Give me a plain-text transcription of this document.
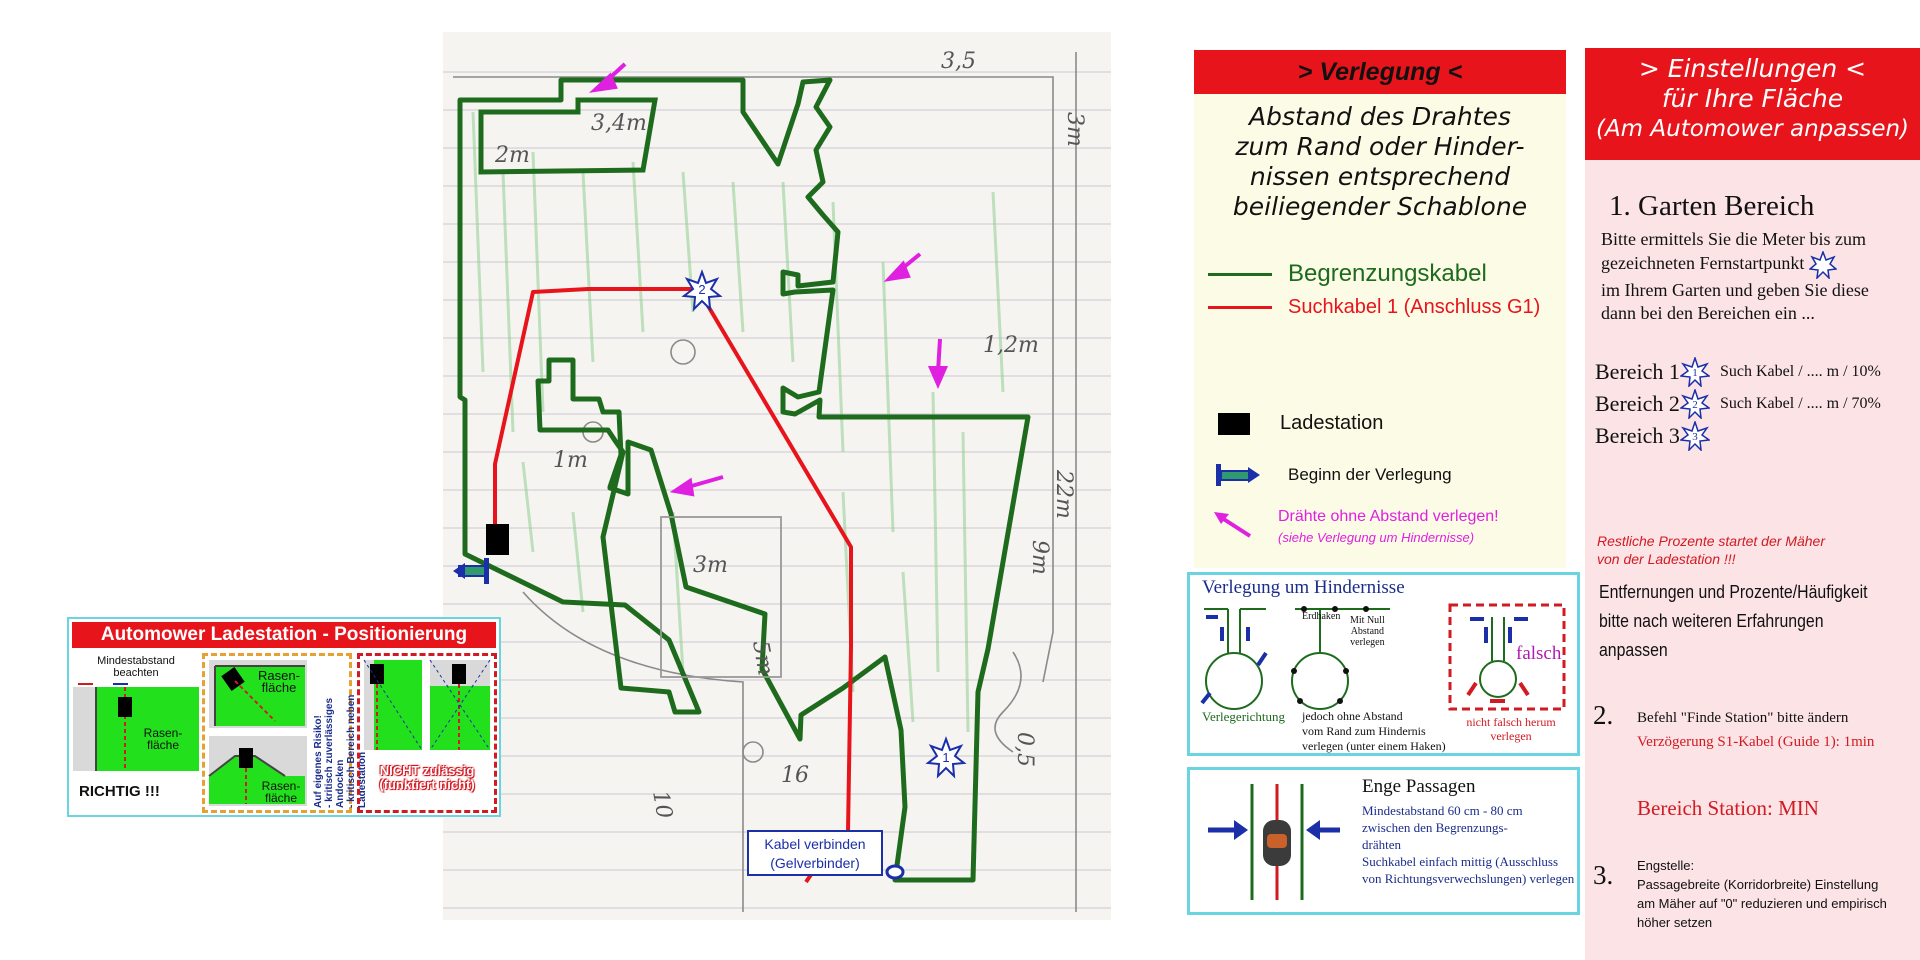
2
1
3,4m
2m
3,5
3m
1,2m
22m
9m
3m
5m
1m
16
10
0,5
Kabel verbinden
(Gelverbinder)
Automower Ladestation - Positionierung
Mindestabstand
beachten
Rasen-
fläche
RICHTIG !!!
Rasen-
fläche
Rasen-
fläche	Auf eigenes Risiko! - kritisch zuverlässiges Andocken - kritisch Bereich neben Ladestation NICHT zulässig
(funktiert nicht)
> Verlegung <
Abstand des Drahtes
zum Rand oder Hinder-
nissen entsprechend
beiliegender Schablone
Begrenzungskabel
Suchkabel 1 (Anschluss G1)
Ladestation
Beginn der Verlegung
Drähte ohne Abstand verlegen!
(siehe Verlegung um Hindernisse)
Verlegung um Hindernisse
Erdhaken Mit Null
Abstand
verlegen
falsch
Verlegerichtung jedoch ohne Abstand
vom Rand zum Hindernis
verlegen (unter einem Haken)
nicht falsch herum
verlegen
Enge Passagen
Mindestabstand 60 cm - 80 cm
zwischen den Begrenzungs-
drähten
Suchkabel einfach mittig (Ausschluss
von Richtungsverwechslungen) verlegen
> Einstellungen <
für Ihre Fläche
(Am Automower anpassen)
1. Garten Bereich
Bitte ermittels Sie die Meter bis zum
gezeichneten Fernstartpunkt
im Ihrem Garten und geben Sie diese
dann bei den Bereichen ein ...
Bereich 1 1 Such Kabel / .... m / 10%
Bereich 2 2 Such Kabel / .... m / 70%
Bereich 3 3
Restliche Prozente startet der Mäher
von der Ladestation !!!
Entfernungen und Prozente/Häufigkeit
bitte nach weiteren Erfahrungen anpassen
2. Befehl "Finde Station" bitte ändern
Verzögerung S1-Kabel (Guide 1): 1min
Bereich Station: MIN
3. Engstelle:
Passagebreite (Korridorbreite) Einstellung
am Mäher auf "0" reduzieren und empirisch
höher setzen
